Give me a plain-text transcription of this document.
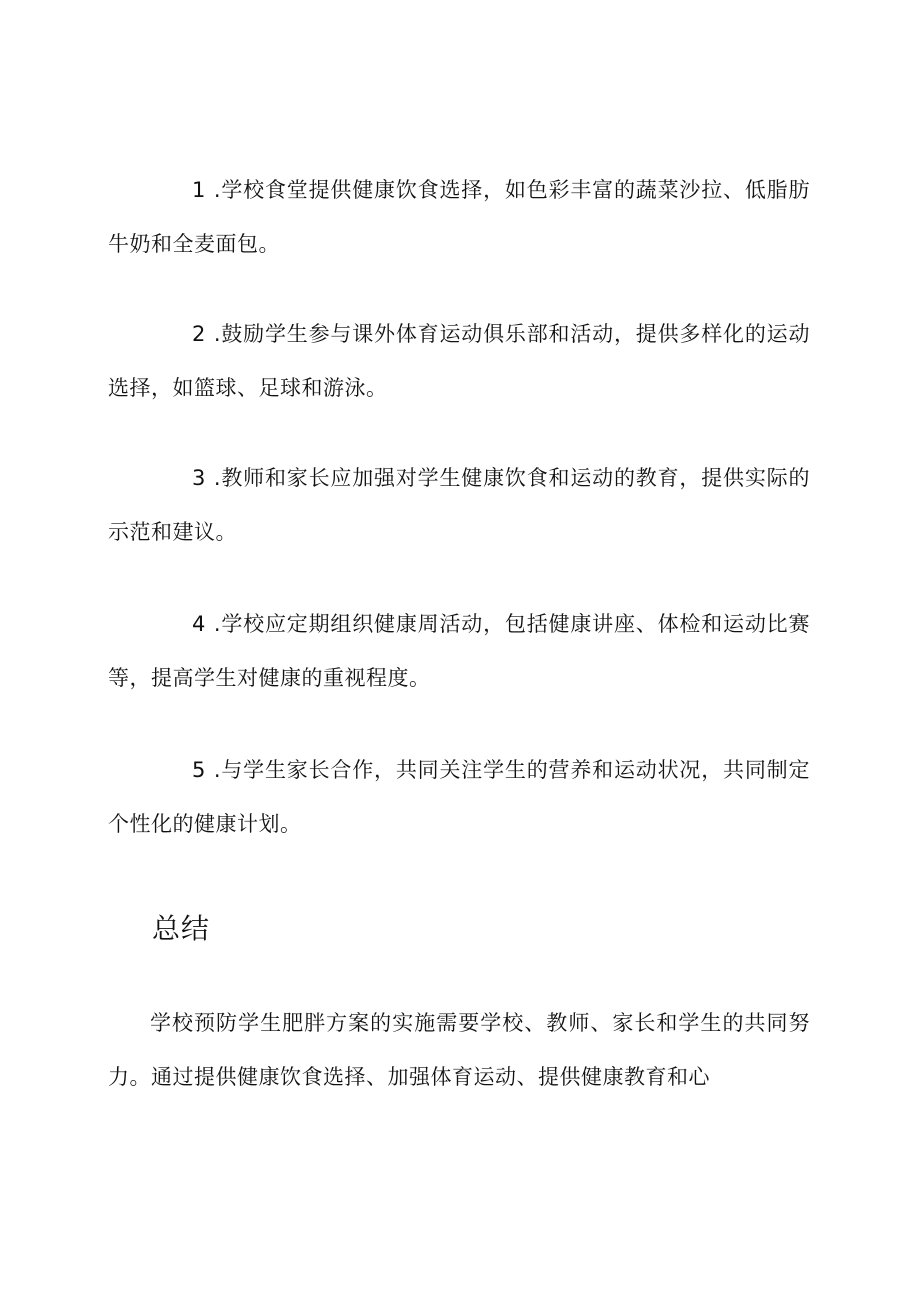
1 .学校食堂提供健康饮食选择，如色彩丰富的蔬菜沙拉、低脂肪牛奶和全麦面包。
2 .鼓励学生参与课外体育运动俱乐部和活动，提供多样化的运动选择，如篮球、足球和游泳。
3 .教师和家长应加强对学生健康饮食和运动的教育，提供实际的示范和建议。
4 .学校应定期组织健康周活动，包括健康讲座、体检和运动比赛等，提高学生对健康的重视程度。
5 .与学生家长合作，共同关注学生的营养和运动状况，共同制定个性化的健康计划。
总结
学校预防学生肥胖方案的实施需要学校、教师、家长和学生的共同努力。通过提供健康饮食选择、加强体育运动、提供健康教育和心
